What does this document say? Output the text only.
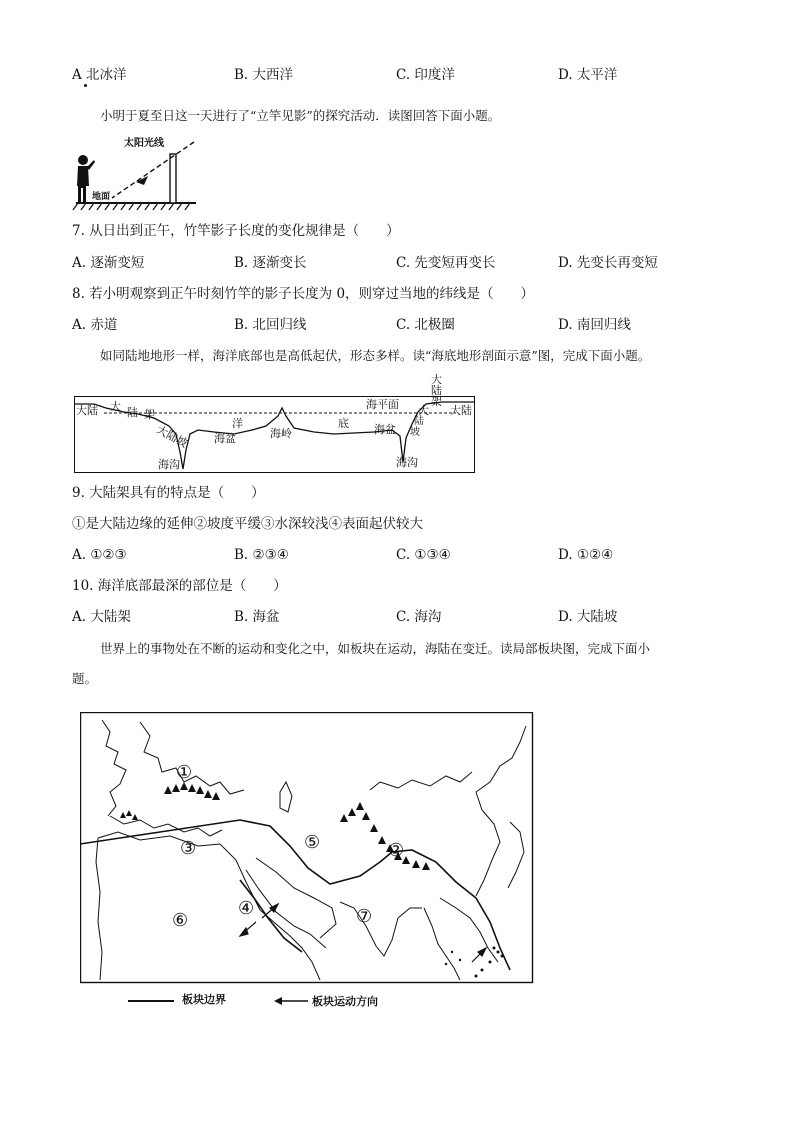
A 北冰洋	B. 大西洋	C. 印度洋	D. 太平洋
小明于夏至日这一天进行了“立竿见影”的探究活动．读图回答下面小题。
太阳光线
地面
7. 从日出到正午，竹竿影子长度的变化规律是（　　）
A. 逐渐变短	B. 逐渐变长	C. 先变短再变长	D. 先变长再变短
8. 若小明观察到正午时刻竹竿的影子长度为 0，则穿过当地的纬线是（　　）
A. 赤道	B. 北回归线	C. 北极圈	D. 南回归线
如同陆地地形一样，海洋底部也是高低起伏，形态多样。读“海底地形剖面示意”图，完成下面小题。
大陆 大 陆 架
大陆坡	洋
海盆	海岭
底 海盆
海沟	海沟
海平面
大陆架
大
陆
坡
大陆
9. 大陆架具有的特点是（　　）
①是大陆边缘的延伸②坡度平缓③水深较浅④表面起伏较大
A. ①②③	B. ②③④	C. ①③④	D. ①②④
10. 海洋底部最深的部位是（　　）
A. 大陆架	B. 海盆	C. 海沟	D. 大陆坡
世界上的事物处在不断的运动和变化之中，如板块在运动，海陆在变迁。读局部板块图，完成下面小
题。
①
②
③
④
⑤
⑥	⑦
板块边界	板块运动方向
